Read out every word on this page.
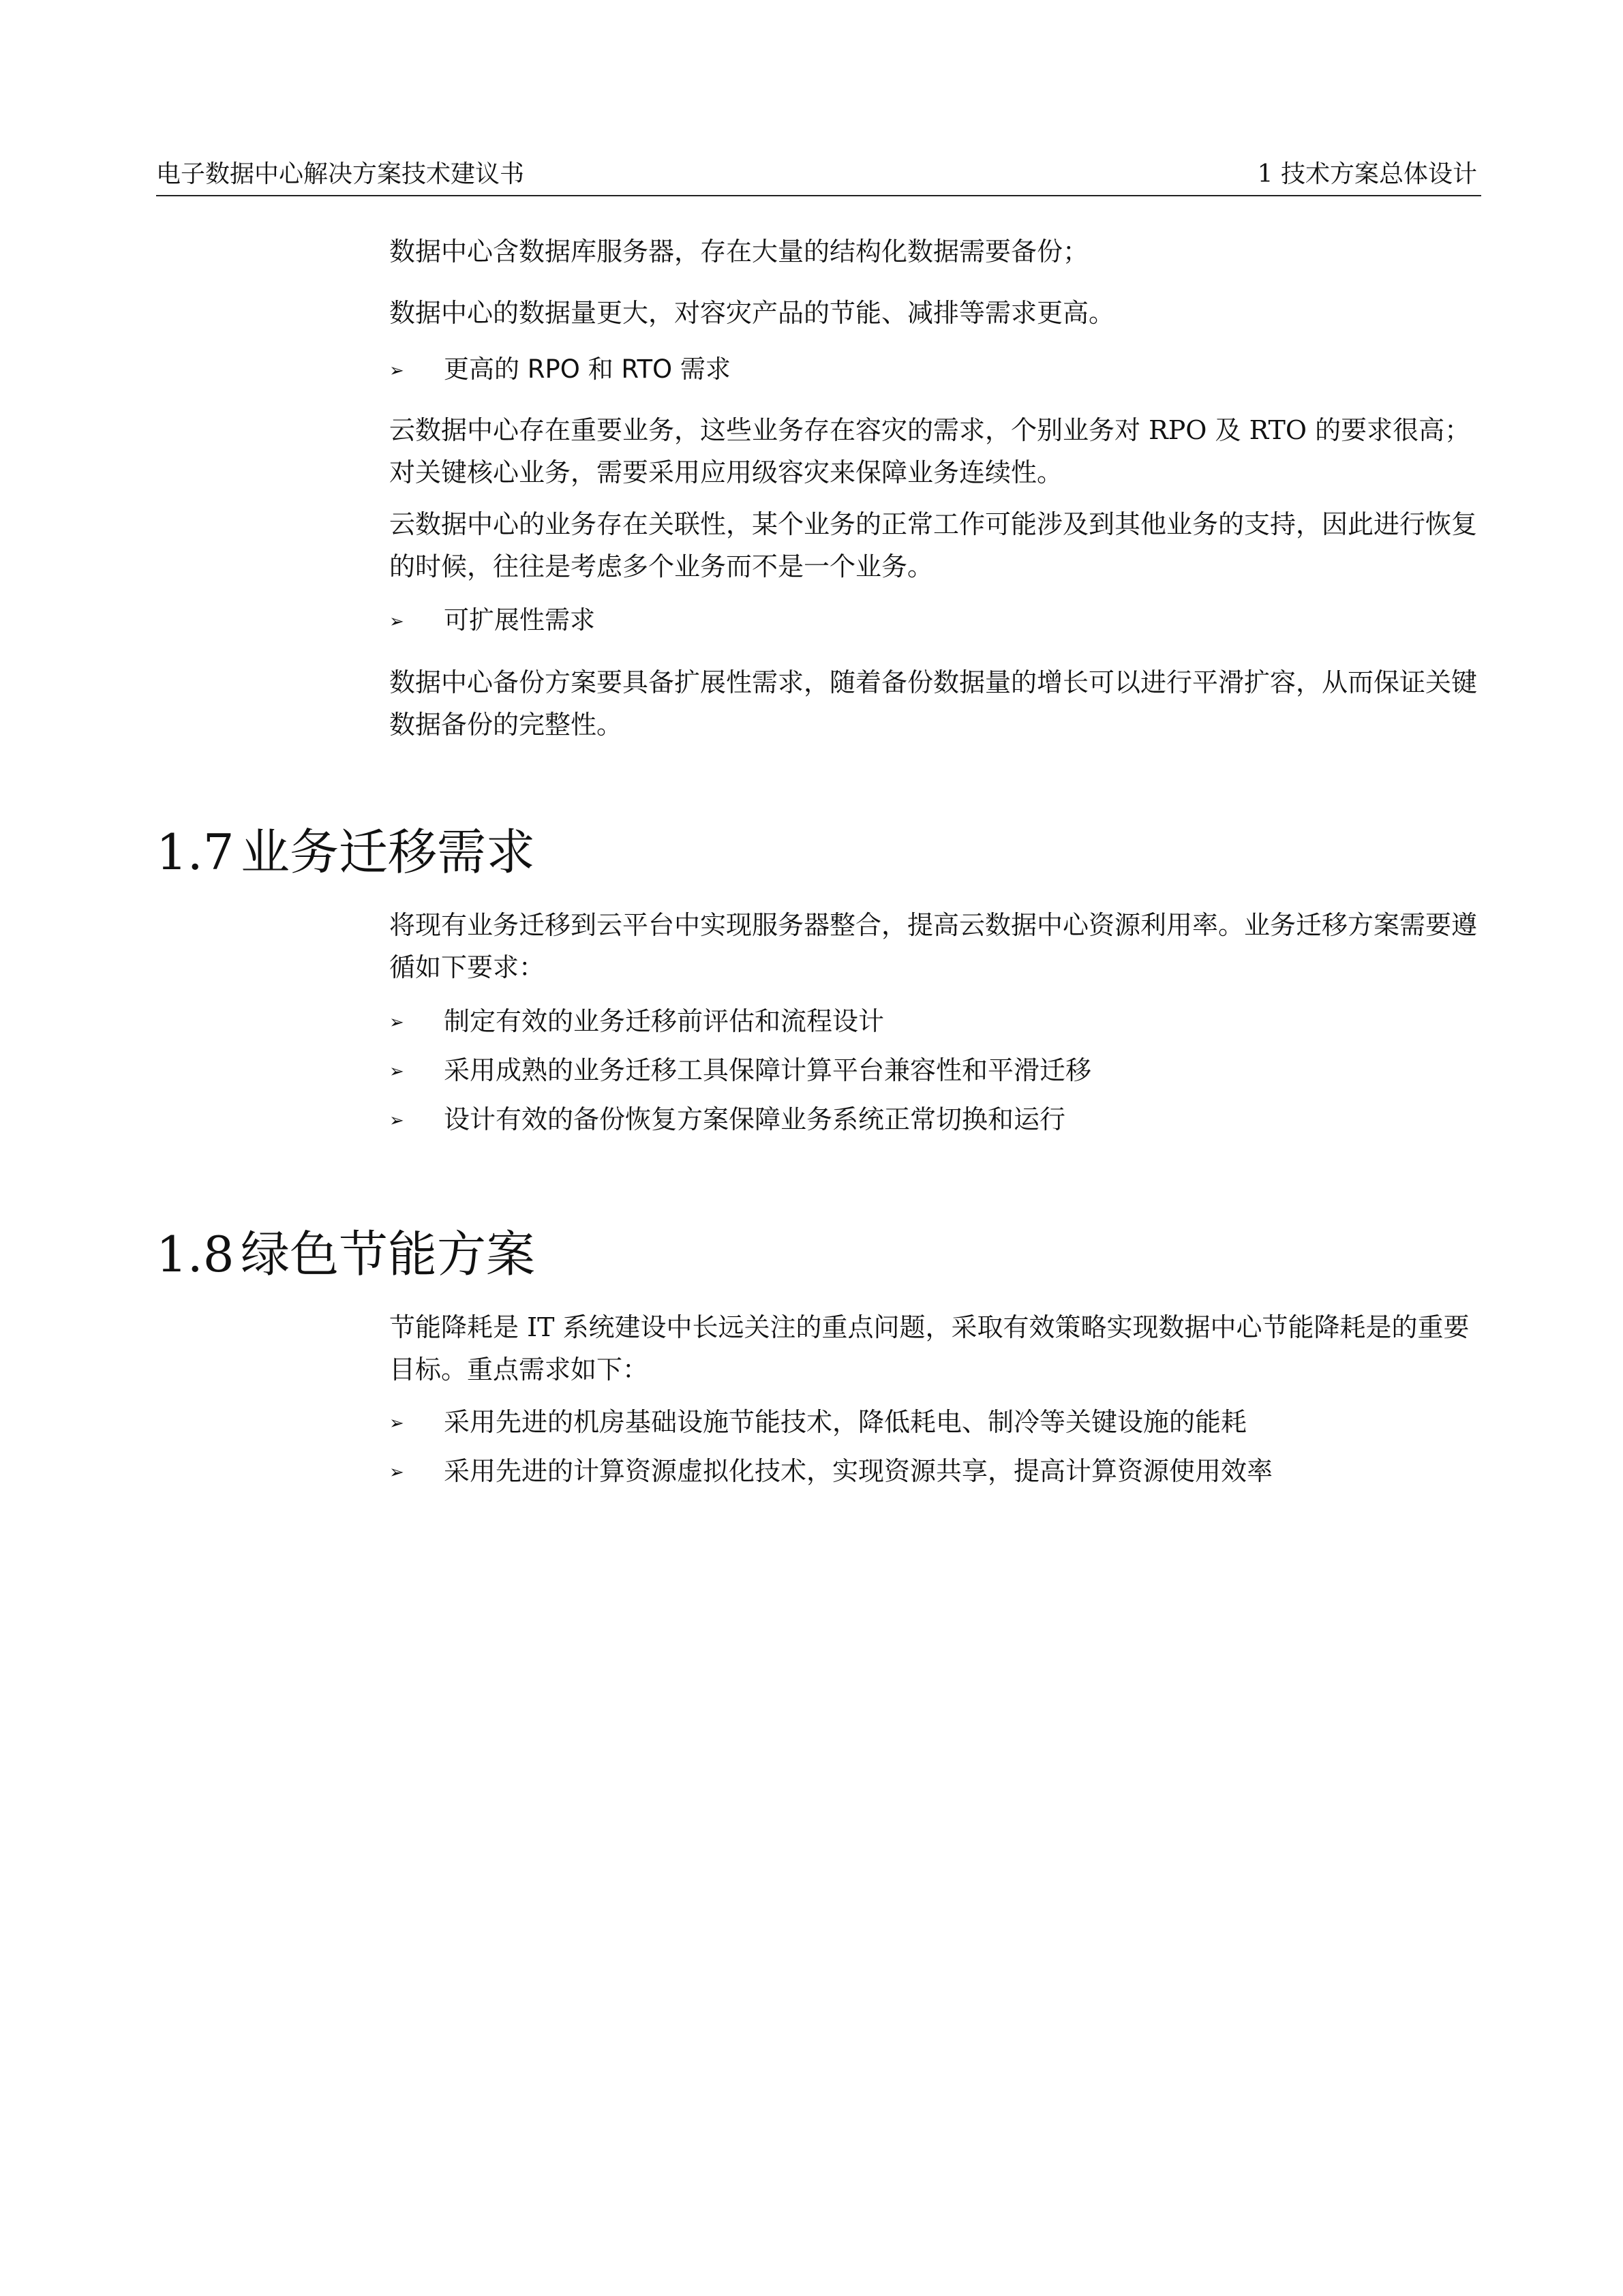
电子数据中心解决方案技术建议书	1 技术方案总体设计

数据中心含数据库服务器，存在大量的结构化数据需要备份；

数据中心的数据量更大，对容灾产品的节能、减排等需求更高。

➢ 更高的 RPO 和 RTO 需求

云数据中心存在重要业务，这些业务存在容灾的需求，个别业务对 RPO 及 RTO 的要求很高；对关键核心业务，需要采用应用级容灾来保障业务连续性。

云数据中心的业务存在关联性，某个业务的正常工作可能涉及到其他业务的支持，因此进行恢复的时候，往往是考虑多个业务而不是一个业务。

➢ 可扩展性需求

数据中心备份方案要具备扩展性需求，随着备份数据量的增长可以进行平滑扩容，从而保证关键数据备份的完整性。

1.7 业务迁移需求

将现有业务迁移到云平台中实现服务器整合，提高云数据中心资源利用率。业务迁移方案需要遵循如下要求：

➢ 制定有效的业务迁移前评估和流程设计
➢ 采用成熟的业务迁移工具保障计算平台兼容性和平滑迁移
➢ 设计有效的备份恢复方案保障业务系统正常切换和运行
1.8 绿色节能方案

节能降耗是 IT 系统建设中长远关注的重点问题，采取有效策略实现数据中心节能降耗是的重要目标。重点需求如下：

➢ 采用先进的机房基础设施节能技术，降低耗电、制冷等关键设施的能耗
➢ 采用先进的计算资源虚拟化技术，实现资源共享，提高计算资源使用效率
